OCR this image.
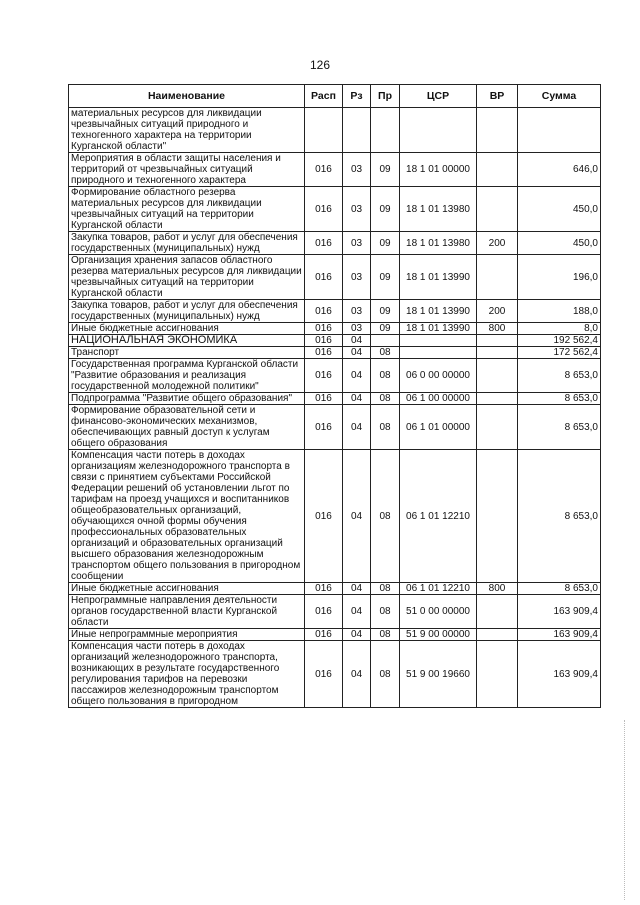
126
Наименование	Расп	Рз	Пр	ЦСР	ВР	Сумма
материальных ресурсов для ликвидации чрезвычайных ситуаций природного и техногенного характера на территории Курганской области"						
Мероприятия в области защиты населения и территорий от чрезвычайных ситуаций природного и техногенного характера	016	03	09	18 1 01 00000		646,0
Формирование областного резерва материальных ресурсов для ликвидации чрезвычайных ситуаций на территории Курганской области	016	03	09	18 1 01 13980		450,0
Закупка товаров, работ и услуг для обеспечения государственных (муниципальных) нужд	016	03	09	18 1 01 13980	200	450,0
Организация хранения запасов областного резерва материальных ресурсов для ликвидации чрезвычайных ситуаций на территории Курганской области	016	03	09	18 1 01 13990		196,0
Закупка товаров, работ и услуг для обеспечения государственных (муниципальных) нужд	016	03	09	18 1 01 13990	200	188,0
Иные бюджетные ассигнования	016	03	09	18 1 01 13990	800	8,0
НАЦИОНАЛЬНАЯ ЭКОНОМИКА	016	04				192 562,4
Транспорт	016	04	08			172 562,4
Государственная программа Курганской области "Развитие образования и реализация государственной молодежной политики"	016	04	08	06 0 00 00000		8 653,0
Подпрограмма "Развитие общего образования"	016	04	08	06 1 00 00000		8 653,0
Формирование образовательной сети и финансово-экономических механизмов, обеспечивающих равный доступ к услугам общего образования	016	04	08	06 1 01 00000		8 653,0
Компенсация части потерь в доходах организациям железнодорожного транспорта в связи с принятием субъектами Российской Федерации решений об установлении льгот по тарифам на проезд учащихся и воспитанников общеобразовательных организаций, обучающихся очной формы обучения профессиональных образовательных организаций и образовательных организаций высшего образования железнодорожным транспортом общего пользования в пригородном сообщении	016	04	08	06 1 01 12210		8 653,0
Иные бюджетные ассигнования	016	04	08	06 1 01 12210	800	8 653,0
Непрограммные направления деятельности органов государственной власти Курганской области	016	04	08	51 0 00 00000		163 909,4
Иные непрограммные мероприятия	016	04	08	51 9 00 00000		163 909,4
Компенсация части потерь в доходах организаций железнодорожного транспорта, возникающих в результате государственного регулирования тарифов на перевозки пассажиров железнодорожным транспортом общего пользования в пригородном	016	04	08	51 9 00 19660		163 909,4
